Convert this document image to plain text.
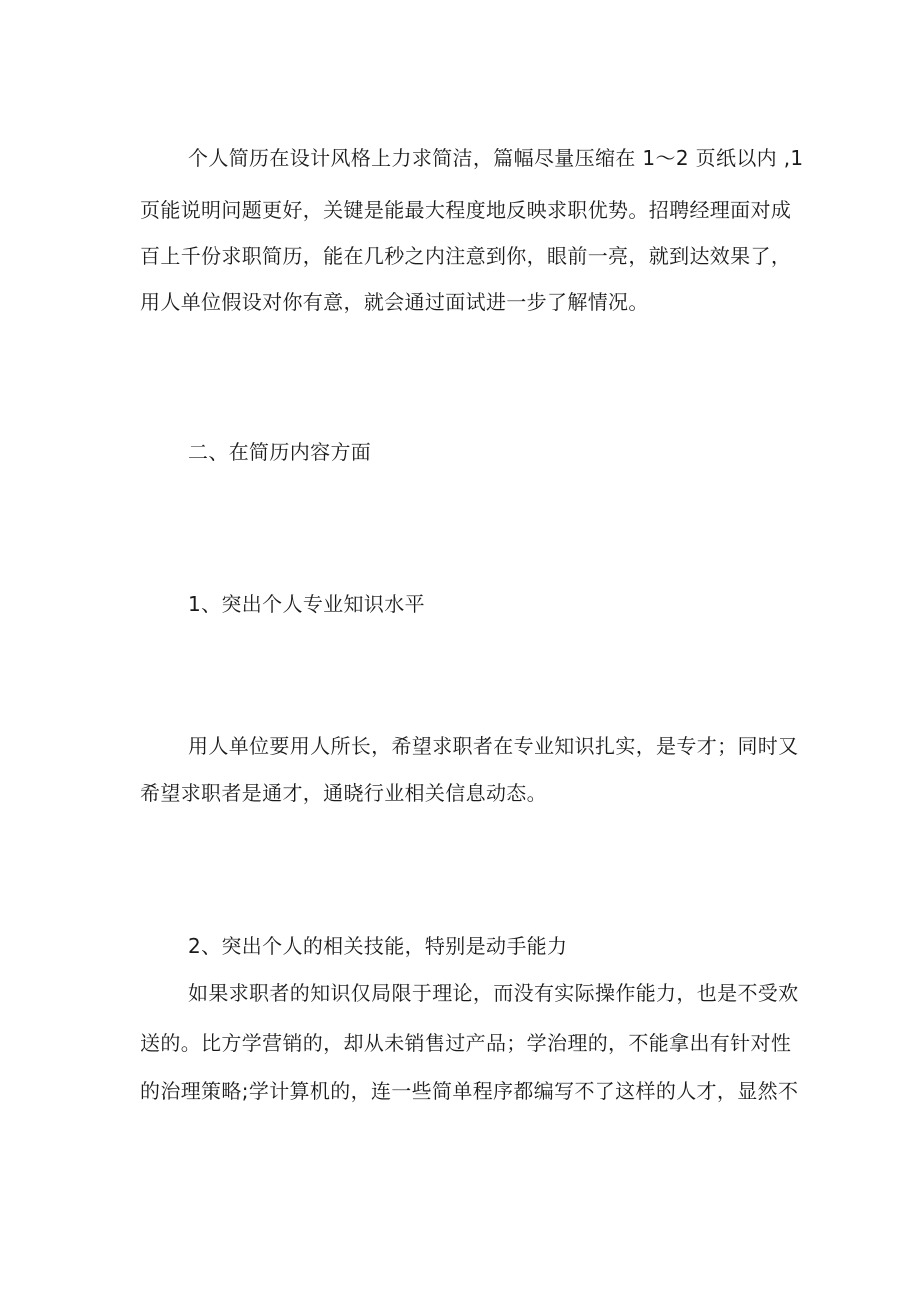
个人简历在设计风格上力求简洁，篇幅尽量压缩在 1～2 页纸以内 ,1

页能说明问题更好，关键是能最大程度地反映求职优势。招聘经理面对成

百上千份求职简历，能在几秒之内注意到你，眼前一亮，就到达效果了，

用人单位假设对你有意，就会通过面试进一步了解情况。

二、在简历内容方面

1、突出个人专业知识水平

用人单位要用人所长，希望求职者在专业知识扎实，是专才；同时又

希望求职者是通才，通晓行业相关信息动态。

2、突出个人的相关技能，特别是动手能力

如果求职者的知识仅局限于理论，而没有实际操作能力，也是不受欢

送的。比方学营销的，却从未销售过产品；学治理的，不能拿出有针对性

的治理策略;学计算机的，连一些简单程序都编写不了这样的人才，显然不
